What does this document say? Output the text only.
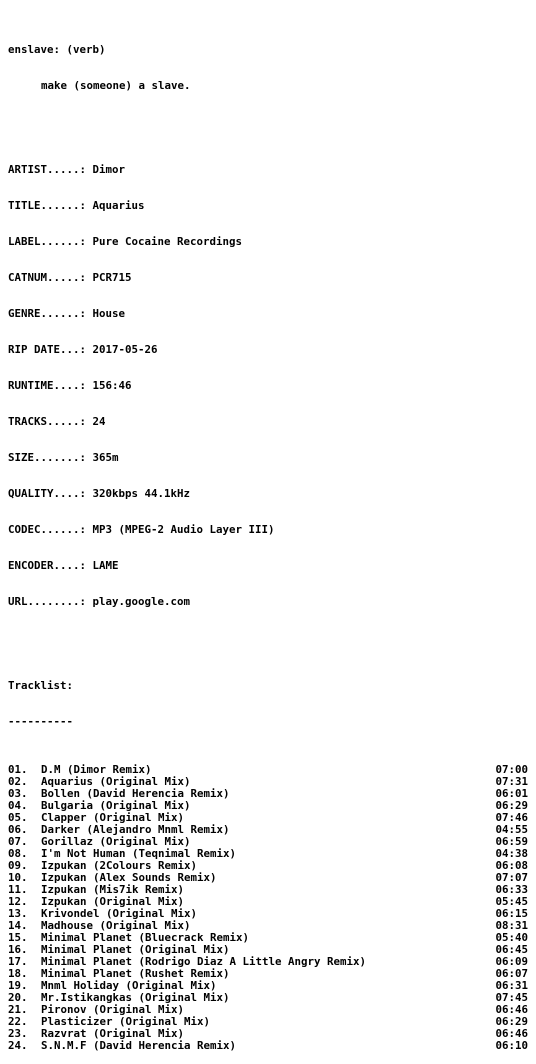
enslave: (verb)

make (someone) a slave.

ARTIST.....: Dimor

TITLE......: Aquarius

LABEL......: Pure Cocaine Recordings

CATNUM.....: PCR715

GENRE......: House

RIP DATE...: 2017-05-26

RUNTIME....: 156:46

TRACKS.....: 24

SIZE.......: 365m

QUALITY....: 320kbps 44.1kHz

CODEC......: MP3 (MPEG-2 Audio Layer III)

ENCODER....: LAME

URL........: play.google.com

Tracklist:

----------

01.	D.M (Dimor Remix)	07:00
02.	Aquarius (Original Mix)	07:31
03.	Bollen (David Herencia Remix)	06:01
04.	Bulgaria (Original Mix)	06:29
05.	Clapper (Original Mix)	07:46
06.	Darker (Alejandro Mnml Remix)	04:55
07.	Gorillaz (Original Mix)	06:59
08.	I'm Not Human (Teqnimal Remix)	04:38
09.	Izpukan (2Colours Remix)	06:08
10.	Izpukan (Alex Sounds Remix)	07:07
11.	Izpukan (Mis7ik Remix)	06:33
12.	Izpukan (Original Mix)	05:45
13.	Krivondel (Original Mix)	06:15
14.	Madhouse (Original Mix)	08:31
15.	Minimal Planet (Bluecrack Remix)	05:40
16.	Minimal Planet (Original Mix)	06:45
17.	Minimal Planet (Rodrigo Diaz A Little Angry Remix)	06:09
18.	Minimal Planet (Rushet Remix)	06:07
19.	Mnml Holiday (Original Mix)	06:31
20.	Mr.Istikangkas (Original Mix)	07:45
21.	Pironov (Original Mix)	06:46
22.	Plasticizer (Original Mix)	06:29
23.	Razvrat (Original Mix)	06:46
24.	S.N.M.F (David Herencia Remix)	06:10
